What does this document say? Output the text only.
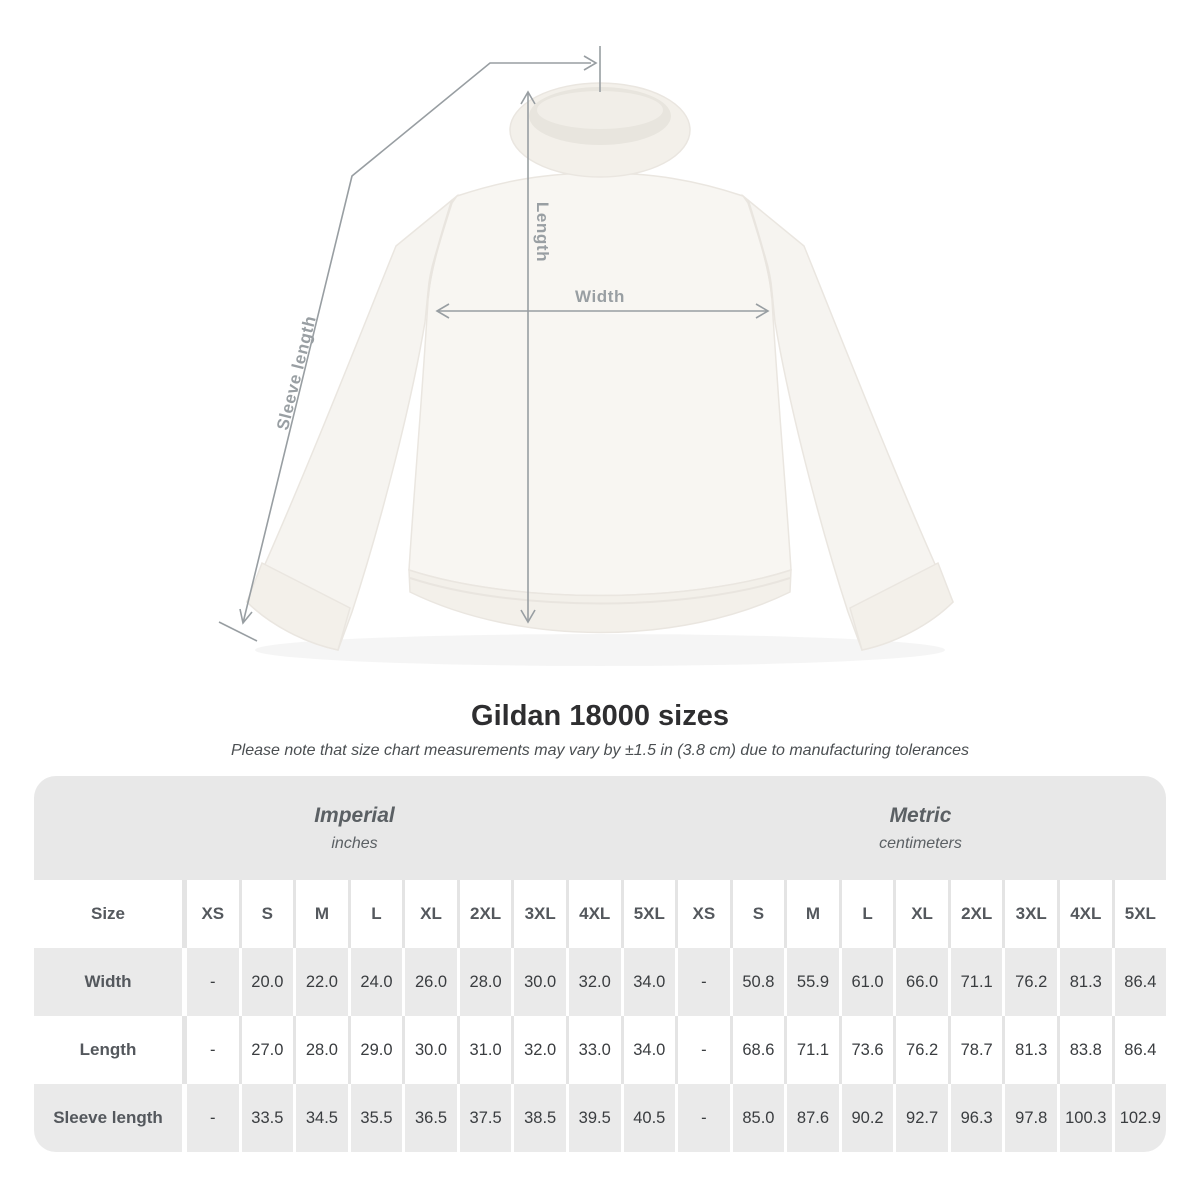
Length
Width
Sleeve length
Gildan 18000 sizes
Please note that size chart measurements may vary by ±1.5 in (3.8 cm) due to manufacturing tolerances
Imperial
inches
Metric
centimeters
Size	XS	S	M	L	XL	2XL	3XL	4XL	5XL	XS	S	M	L	XL	2XL	3XL	4XL	5XL
Width	-	20.0	22.0	24.0	26.0	28.0	30.0	32.0	34.0	-	50.8	55.9	61.0	66.0	71.1	76.2	81.3	86.4
Length	-	27.0	28.0	29.0	30.0	31.0	32.0	33.0	34.0	-	68.6	71.1	73.6	76.2	78.7	81.3	83.8	86.4
Sleeve length	-	33.5	34.5	35.5	36.5	37.5	38.5	39.5	40.5	-	85.0	87.6	90.2	92.7	96.3	97.8	100.3 102.9
